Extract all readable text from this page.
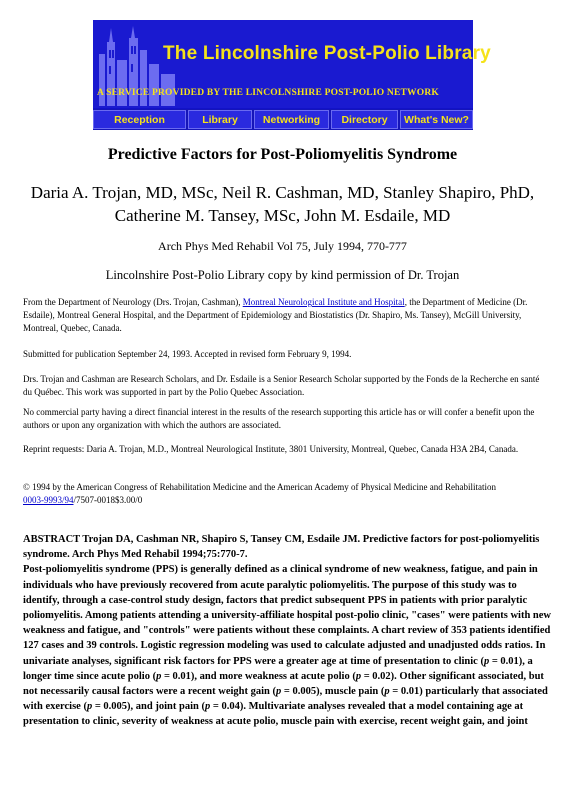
The Lincolnshire Post-Polio Library
A SERVICE PROVIDED BY THE LINCOLNSHIRE POST-POLIO NETWORK
Reception	Library	Networking	Directory	What's New?
Predictive Factors for Post-Poliomyelitis Syndrome
Daria A. Trojan, MD, MSc, Neil R. Cashman, MD, Stanley Shapiro, PhD, Catherine M. Tansey, MSc, John M. Esdaile, MD
Arch Phys Med Rehabil Vol 75, July 1994, 770-777
Lincolnshire Post-Polio Library copy by kind permission of Dr. Trojan
From the Department of Neurology (Drs. Trojan, Cashman), Montreal Neurological Institute and Hospital, the Department of Medicine (Dr. Esdaile), Montreal General Hospital, and the Department of Epidemiology and Biostatistics (Dr. Shapiro, Ms. Tansey), McGill University, Montreal, Quebec, Canada.
Submitted for publication September 24, 1993. Accepted in revised form February 9, 1994.
Drs. Trojan and Cashman are Research Scholars, and Dr. Esdaile is a Senior Research Scholar supported by the Fonds de la Recherche en santé du Québec. This work was supported in part by the Polio Quebec Association.
No commercial party having a direct financial interest in the results of the research supporting this article has or will confer a benefit upon the authors or upon any organization with which the authors are associated.
Reprint requests: Daria A. Trojan, M.D., Montreal Neurological Institute, 3801 University, Montreal, Quebec, Canada H3A 2B4, Canada.
© 1994 by the American Congress of Rehabilitation Medicine and the American Academy of Physical Medicine and Rehabilitation
0003-9993/94/7507-0018$3.00/0
ABSTRACT Trojan DA, Cashman NR, Shapiro S, Tansey CM, Esdaile JM. Predictive factors for post-poliomyelitis syndrome. Arch Phys Med Rehabil 1994;75:770-7.
Post-poliomyelitis syndrome (PPS) is generally defined as a clinical syndrome of new weakness, fatigue, and pain in individuals who have previously recovered from acute paralytic poliomyelitis. The purpose of this study was to identify, through a case-control study design, factors that predict subsequent PPS in patients with prior paralytic poliomyelitis. Among patients attending a university-affiliate hospital post-polio clinic, "cases" were patients with new weakness and fatigue, and "controls" were patients without these complaints. A chart review of 353 patients identified 127 cases and 39 controls. Logistic regression modeling was used to calculate adjusted and unadjusted odds ratios. In univariate analyses, significant risk factors for PPS were a greater age at time of presentation to clinic (p = 0.01), a longer time since acute polio (p = 0.01), and more weakness at acute polio (p = 0.02). Other significant associated, but not necessarily causal factors were a recent weight gain (p = 0.005), muscle pain (p = 0.01) particularly that associated with exercise (p = 0.005), and joint pain (p = 0.04). Multivariate analyses revealed that a model containing age at presentation to clinic, severity of weakness at acute polio, muscle pain with exercise, recent weight gain, and joint
